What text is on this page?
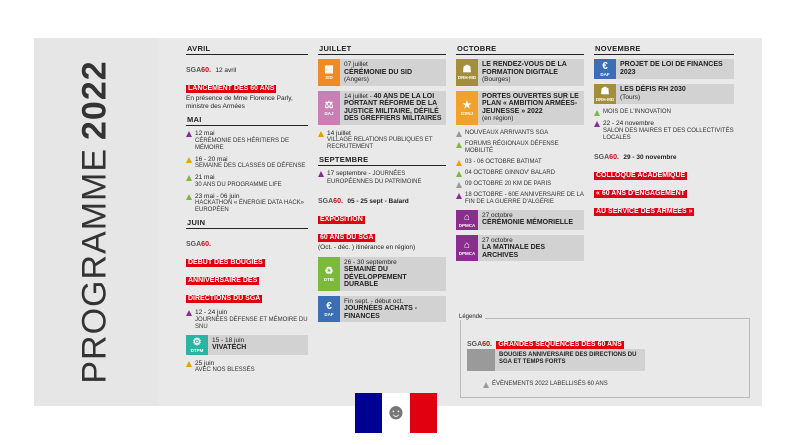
PROGRAMME2022
AVRIL
SGA60. 12 avril
LANCEMENT DES 60 ANS
En présence de Mme Florence Parly, ministre des Armées
MAI
12 mai
CÉRÉMONIE DES HÉRITIERS DE MÉMOIRE
16 - 20 mai
SEMAINE DES CLASSES DE DÉFENSE
21 mai
30 ANS DU PROGRAMME LIFE
23 mai - 06 juin
HACKATHON « ÉNERGIE DATA HACK» EUROPÉEN
JUIN
SGA60.
DÉBUT DES BOUGIES
ANNIVERSAIRE DES
DIRECTIONS DU SGA
12 - 24 juin
JOURNÉES DÉFENSE ET MÉMOIRE DU SNU
⚙
DTPM
15 - 18 juin
VIVATECH
25 juin
AVEC NOS BLESSÉS
JUILLET
▦
SID
07 juillet
CÉRÉMONIE DU SID
(Angers)
⚖
DAJ
14 juillet - 40 ANS DE LA LOI PORTANT RÉFORME DE LA JUSTICE MILITAIRE, DÉFILÉ DES GREFFIERS MILITAIRES
14 juillet
VILLAGE RELATIONS PUBLIQUES ET RECRUTEMENT
SEPTEMBRE
17 septembre - JOURNÉES EUROPÉENNES DU PATRIMOINE
SGA60. 05 - 25 sept - Balard
EXPOSITION
60 ANS DU SGA
(Oct. - déc. ) itinérance en région)
♻
DTIE
26 - 30 septembre
SEMAINE DU DÉVELOPPEMENT DURABLE
€
DAF
Fin sept. - début oct.
JOURNÉES ACHATS - FINANCES
OCTOBRE
☗
DRH-MD
LE RENDEZ-VOUS DE LA FORMATION DIGITALE
(Bourges)
★
DSNJ
PORTES OUVERTES SUR LE PLAN « AMBITION ARMÉES-JEUNESSE » 2022
(en région)
NOUVEAUX ARRIVANTS SGA
FORUMS RÉGIONAUX DÉFENSE MOBILITÉ
03 - 06 OCTOBRE BATIMAT
04 OCTOBRE GINNOV' BALARD
09 OCTOBRE 20 KM DE PARIS
18 OCTOBRE - 60E ANNIVERSAIRE DE LA FIN DE LA GUERRE D'ALGÉRIE
⌂
DPMCA
27 octobre
CÉRÉMONIE MÉMORIELLE
⌂
DPMCA
27 octobre
LA MATINALE DES ARCHIVES
NOVEMBRE
€
DAF
PROJET DE LOI DE FINANCES 2023
☗
DRH-MD
LES DÉFIS RH 2030
(Tours)
MOIS DE L'INNOVATION
22 - 24 novembre
SALON DES MAIRES ET DES COLLECTIVITÉS LOCALES
SGA60. 29 - 30 novembre
COLLOQUE ACADÉMIQUE
« 60 ANS D'ENGAGEMENT
AU SERVICE DES ARMÉES »
SGA60. GRANDES SÉQUENCES DES 60 ANS
BOUGIES ANNIVERSAIRE DES DIRECTIONS DU SGA ET TEMPS FORTS
ÉVÈNEMENTS 2022 LABELLISÉS 60 ANS
Légende
☻
